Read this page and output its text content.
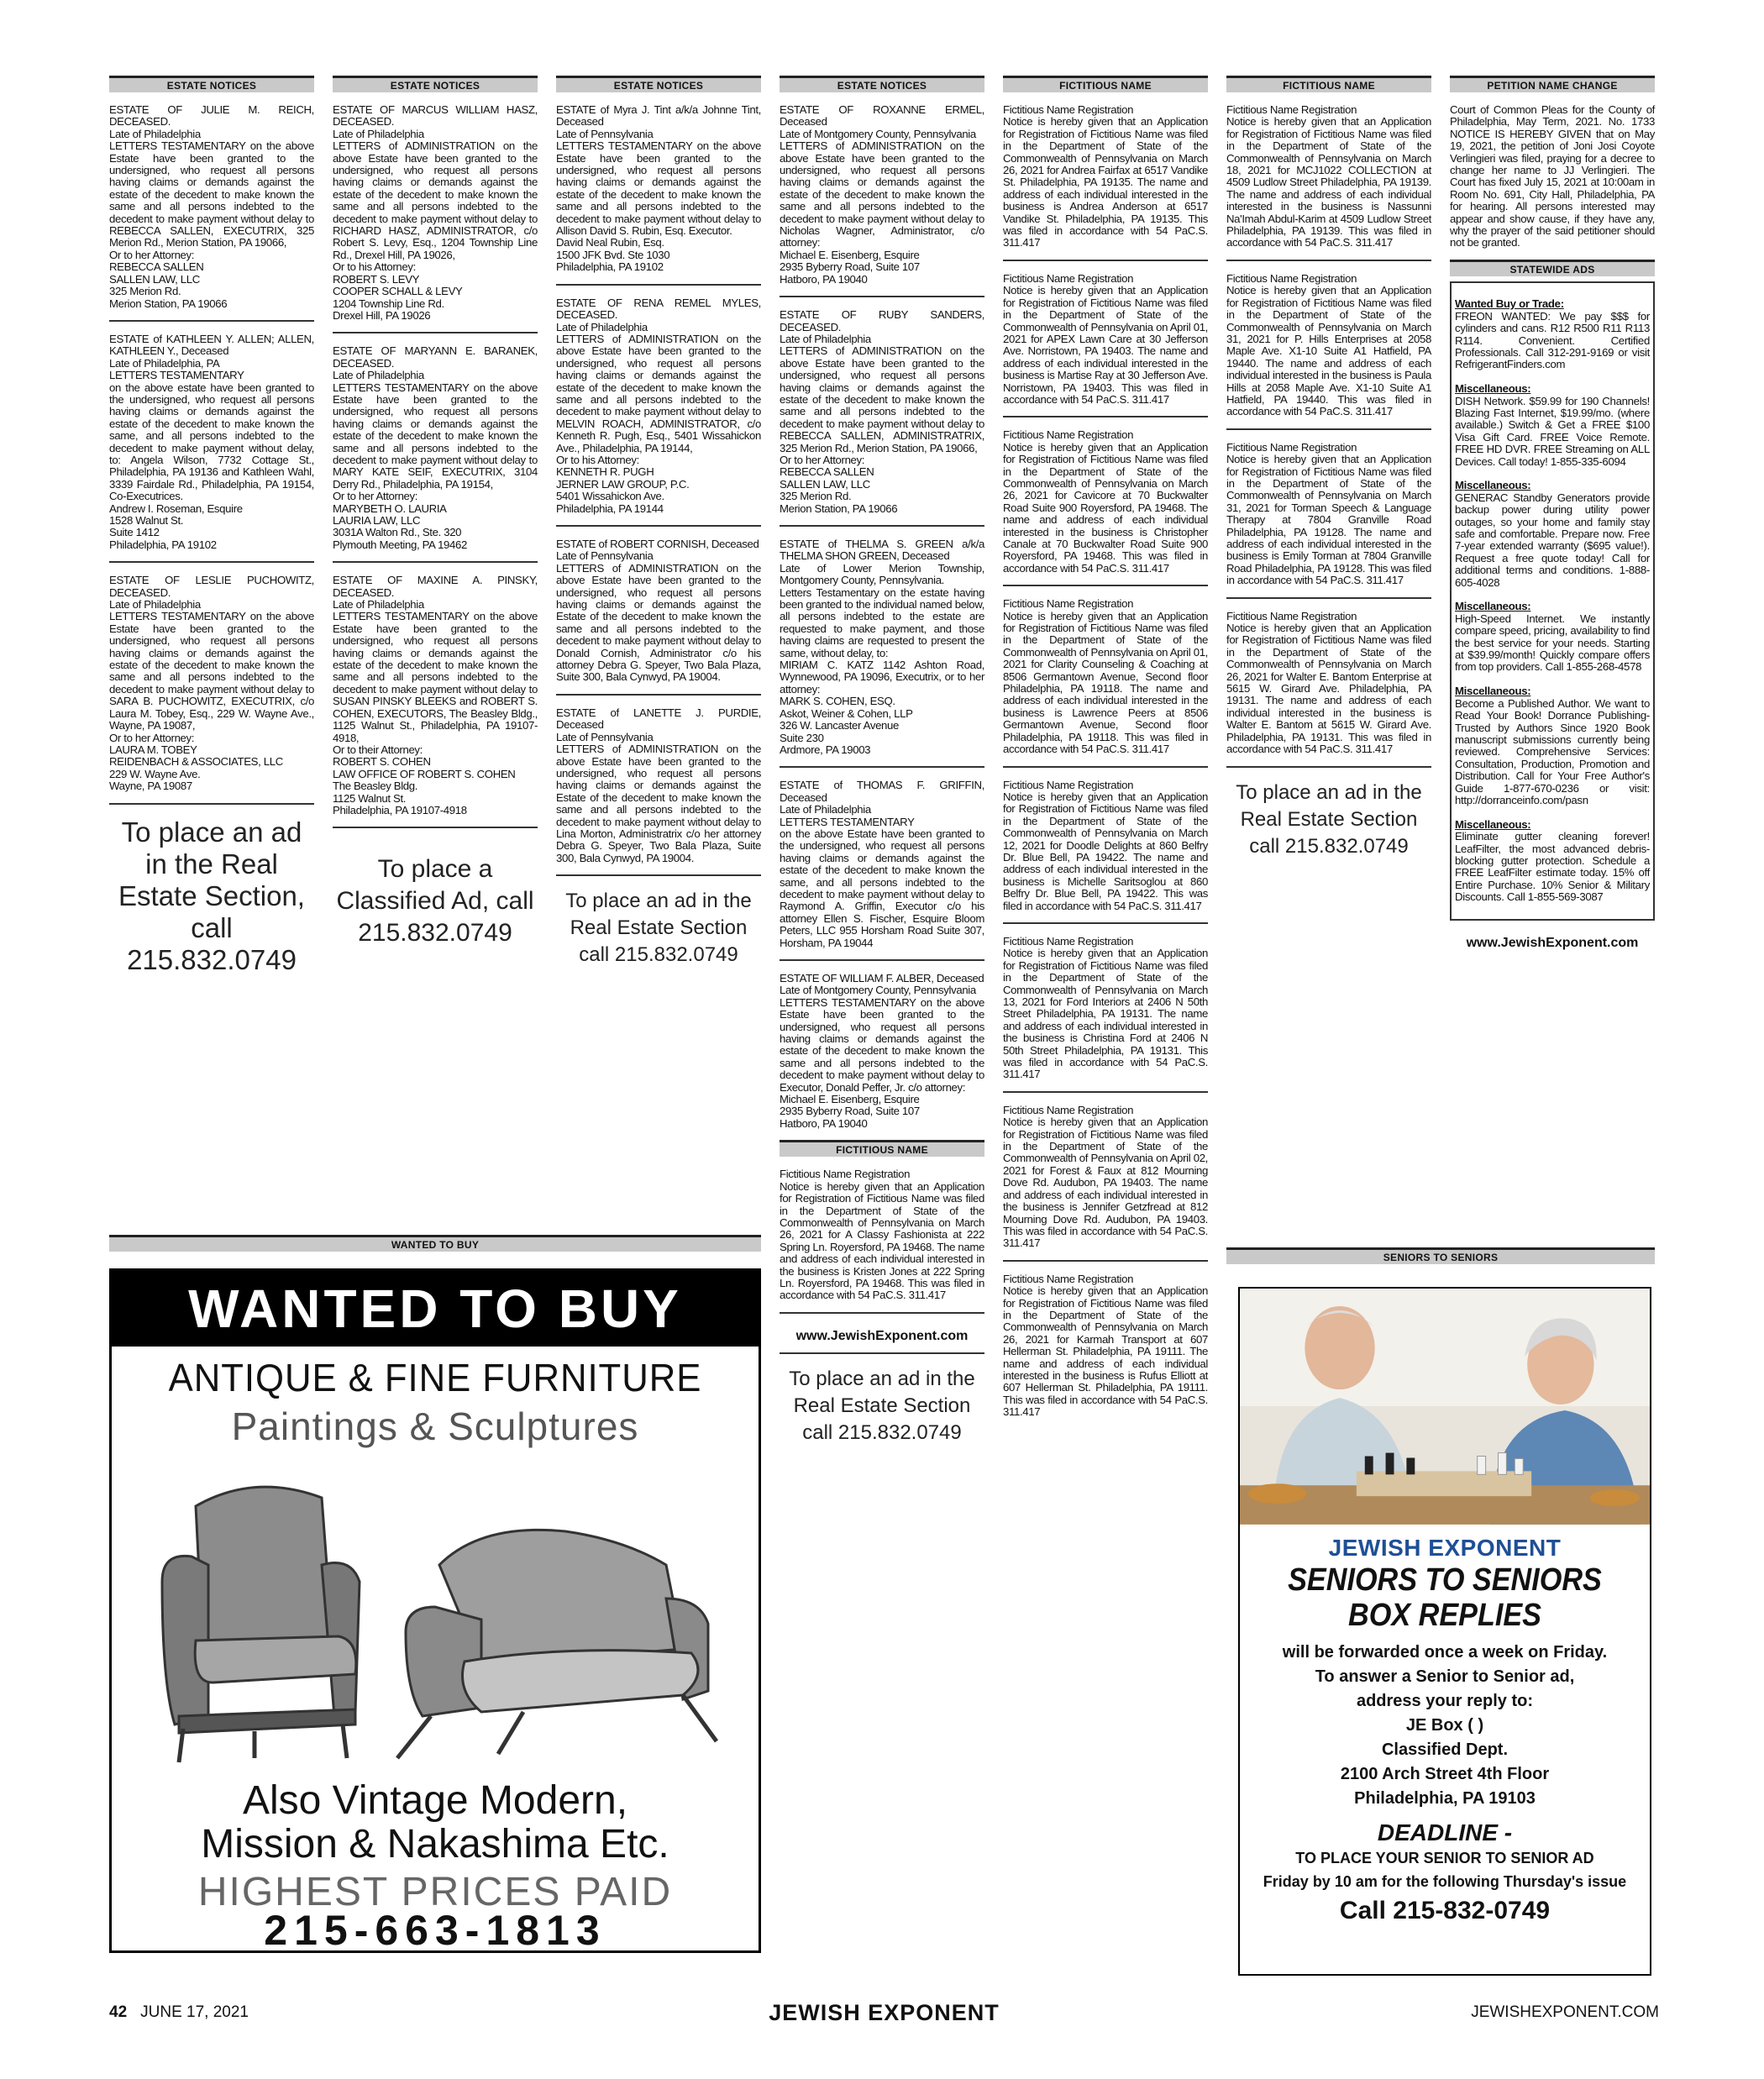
ESTATE NOTICES
ESTATE OF JULIE M. REICH, DECEASED.
Late of Philadelphia
LETTERS TESTAMENTARY on the above Estate have been granted to the undersigned, who request all persons having claims or demands against the estate of the decedent to make known the same and all persons indebted to the decedent to make payment without delay to REBECCA SALLEN, EXECUTRIX, 325 Merion Rd., Merion Station, PA 19066,
Or to her Attorney:
REBECCA SALLEN
SALLEN LAW, LLC
325 Merion Rd.
Merion Station, PA 19066
ESTATE of KATHLEEN Y. ALLEN; ALLEN, KATHLEEN Y., Deceased
Late of Philadelphia, PA
LETTERS TESTAMENTARY
on the above estate have been granted to the undersigned, who request all persons having claims or demands against the estate of the decedent to make known the same, and all persons indebted to the decedent to make payment without delay, to: Angela Wilson, 7732 Cottage St., Philadelphia, PA 19136 and Kathleen Wahl, 3339 Fairdale Rd., Philadelphia, PA 19154, Co-Executrices.
Andrew I. Roseman, Esquire
1528 Walnut St.
Suite 1412
Philadelphia, PA 19102
ESTATE OF LESLIE PUCHOWITZ, DECEASED.
Late of Philadelphia
LETTERS TESTAMENTARY on the above Estate have been granted to the undersigned, who request all persons having claims or demands against the estate of the decedent to make known the same and all persons indebted to the decedent to make payment without delay to SARA B. PUCHOWITZ, EXECUTRIX, c/o Laura M. Tobey, Esq., 229 W. Wayne Ave., Wayne, PA 19087,
Or to her Attorney:
LAURA M. TOBEY
REIDENBACH & ASSOCIATES, LLC
229 W. Wayne Ave.
Wayne, PA 19087
To place an ad in the Real Estate Section, call 215.832.0749
ESTATE NOTICES
ESTATE OF MARCUS WILLIAM HASZ, DECEASED.
Late of Philadelphia
LETTERS of ADMINISTRATION on the above Estate have been granted to the undersigned, who request all persons having claims or demands against the estate of the decedent to make known the same and all persons indebted to the decedent to make payment without delay to RICHARD HASZ, ADMINISTRATOR, c/o Robert S. Levy, Esq., 1204 Township Line Rd., Drexel Hill, PA 19026,
Or to his Attorney:
ROBERT S. LEVY
COOPER SCHALL & LEVY
1204 Township Line Rd.
Drexel Hill, PA 19026
ESTATE OF MARYANN E. BARANEK, DECEASED.
Late of Philadelphia
LETTERS TESTAMENTARY on the above Estate have been granted to the undersigned, who request all persons having claims or demands against the estate of the decedent to make known the same and all persons indebted to the decedent to make payment without delay to MARY KATE SEIF, EXECUTRIX, 3104 Derry Rd., Philadelphia, PA 19154,
Or to her Attorney:
MARYBETH O. LAURIA
LAURIA LAW, LLC
3031A Walton Rd., Ste. 320
Plymouth Meeting, PA 19462
ESTATE OF MAXINE A. PINSKY, DECEASED.
Late of Philadelphia
LETTERS TESTAMENTARY on the above Estate have been granted to the undersigned, who request all persons having claims or demands against the estate of the decedent to make known the same and all persons indebted to the decedent to make payment without delay to SUSAN PINSKY BLEEKS and ROBERT S. COHEN, EXECUTORS, The Beasley Bldg., 1125 Walnut St., Philadelphia, PA 19107-4918,
Or to their Attorney:
ROBERT S. COHEN
LAW OFFICE OF ROBERT S. COHEN
The Beasley Bldg.
1125 Walnut St.
Philadelphia, PA 19107-4918
To place a Classified Ad, call 215.832.0749
ESTATE NOTICES
ESTATE of Myra J. Tint a/k/a Johnne Tint, Deceased
Late of Pennsylvania
LETTERS TESTAMENTARY on the above Estate have been granted to the undersigned, who request all persons having claims or demands against the estate of the decedent to make known the same and all persons indebted to the decedent to make payment without delay to Allison David S. Rubin, Esq. Executor.
David Neal Rubin, Esq.
1500 JFK Bvd. Ste 1030
Philadelphia, PA 19102
ESTATE OF RENA REMEL MYLES, DECEASED.
Late of Philadelphia
LETTERS of ADMINISTRATION on the above Estate have been granted to the undersigned, who request all persons having claims or demands against the estate of the decedent to make known the same and all persons indebted to the decedent to make payment without delay to MELVIN ROACH, ADMINISTRATOR, c/o Kenneth R. Pugh, Esq., 5401 Wissahickon Ave., Philadelphia, PA 19144,
Or to his Attorney:
KENNETH R. PUGH
JERNER LAW GROUP, P.C.
5401 Wissahickon Ave.
Philadelphia, PA 19144
ESTATE of ROBERT CORNISH, Deceased
Late of Pennsylvania
LETTERS of ADMINISTRATION on the above Estate have been granted to the undersigned, who request all persons having claims or demands against the Estate of the decedent to make known the same and all persons indebted to the decedent to make payment without delay to Donald Cornish, Administrator c/o his attorney Debra G. Speyer, Two Bala Plaza, Suite 300, Bala Cynwyd, PA 19004.
ESTATE of LANETTE J. PURDIE, Deceased
Late of Pennsylvania
LETTERS of ADMINISTRATION on the above Estate have been granted to the undersigned, who request all persons having claims or demands against the Estate of the decedent to make known the same and all persons indebted to the decedent to make payment without delay to Lina Morton, Administratrix c/o her attorney Debra G. Speyer, Two Bala Plaza, Suite 300, Bala Cynwyd, PA 19004.
To place an ad in the Real Estate Section call 215.832.0749
ESTATE NOTICES
ESTATE OF ROXANNE ERMEL, Deceased
Late of Montgomery County, Pennsylvania
LETTERS of ADMINISTRATION on the above Estate have been granted to the undersigned, who request all persons having claims or demands against the estate of the decedent to make known the same and all persons indebted to the decedent to make payment without delay to Nicholas Wagner, Administrator, c/o attorney:
Michael E. Eisenberg, Esquire
2935 Byberry Road, Suite 107
Hatboro, PA 19040
ESTATE OF RUBY SANDERS, DECEASED.
Late of Philadelphia
LETTERS of ADMINISTRATION on the above Estate have been granted to the undersigned, who request all persons having claims or demands against the estate of the decedent to make known the same and all persons indebted to the decedent to make payment without delay to REBECCA SALLEN, ADMINISTRATRIX, 325 Merion Rd., Merion Station, PA 19066,
Or to her Attorney:
REBECCA SALLEN
SALLEN LAW, LLC
325 Merion Rd.
Merion Station, PA 19066
ESTATE of THELMA S. GREEN a/k/a THELMA SHON GREEN, Deceased
Late of Lower Merion Township, Montgomery County, Pennsylvania.
Letters Testamentary on the estate having been granted to the individual named below, all persons indebted to the estate are requested to make payment, and those having claims are requested to present the same, without delay, to:
MIRIAM C. KATZ 1142 Ashton Road, Wynnewood, PA 19096, Executrix, or to her attorney:
MARK S. COHEN, ESQ.
Askot, Weiner & Cohen, LLP
326 W. Lancaster Avenue
Suite 230
Ardmore, PA 19003
ESTATE of THOMAS F. GRIFFIN, Deceased
Late of Philadelphia
LETTERS TESTAMENTARY
on the above Estate have been granted to the undersigned, who request all persons having claims or demands against the estate of the decedent to make known the same, and all persons indebted to the decedent to make payment without delay to Raymond A. Griffin, Executor c/o his attorney Ellen S. Fischer, Esquire Bloom Peters, LLC 955 Horsham Road Suite 307, Horsham, PA 19044
ESTATE OF WILLIAM F. ALBER, Deceased
Late of Montgomery County, Pennsylvania
LETTERS TESTAMENTARY on the above Estate have been granted to the undersigned, who request all persons having claims or demands against the estate of the decedent to make known the same and all persons indebted to the decedent to make payment without delay to Executor, Donald Peffer, Jr. c/o attorney:
Michael E. Eisenberg, Esquire
2935 Byberry Road, Suite 107
Hatboro, PA 19040
FICTITIOUS NAME
Fictitious Name Registration
Notice is hereby given that an Application for Registration of Fictitious Name was filed in the Department of State of the Commonwealth of Pennsylvania on March 26, 2021 for A Classy Fashionista at 222 Spring Ln. Royersford, PA 19468. The name and address of each individual interested in the business is Kristen Jones at 222 Spring Ln. Royersford, PA 19468. This was filed in accordance with 54 PaC.S. 311.417
www.JewishExponent.com
To place an ad in the Real Estate Section call 215.832.0749
FICTITIOUS NAME
Fictitious Name Registration
Notice is hereby given that an Application for Registration of Fictitious Name was filed in the Department of State of the Commonwealth of Pennsylvania on March 26, 2021 for Andrea Fairfax at 6517 Vandike St. Philadelphia, PA 19135. The name and address of each individual interested in the business is Andrea Anderson at 6517 Vandike St. Philadelphia, PA 19135. This was filed in accordance with 54 PaC.S. 311.417
Fictitious Name Registration
Notice is hereby given that an Application for Registration of Fictitious Name was filed in the Department of State of the Commonwealth of Pennsylvania on April 01, 2021 for APEX Lawn Care at 30 Jefferson Ave. Norristown, PA 19403. The name and address of each individual interested in the business is Martise Ray at 30 Jefferson Ave. Norristown, PA 19403. This was filed in accordance with 54 PaC.S. 311.417
Fictitious Name Registration
Notice is hereby given that an Application for Registration of Fictitious Name was filed in the Department of State of the Commonwealth of Pennsylvania on March 26, 2021 for Cavicore at 70 Buckwalter Road Suite 900 Royersford, PA 19468. The name and address of each individual interested in the business is Christopher Canale at 70 Buckwalter Road Suite 900 Royersford, PA 19468. This was filed in accordance with 54 PaC.S. 311.417
Fictitious Name Registration
Notice is hereby given that an Application for Registration of Fictitious Name was filed in the Department of State of the Commonwealth of Pennsylvania on April 01, 2021 for Clarity Counseling & Coaching at 8506 Germantown Avenue, Second floor Philadelphia, PA 19118. The name and address of each individual interested in the business is Lawrence Peers at 8506 Germantown Avenue, Second floor Philadelphia, PA 19118. This was filed in accordance with 54 PaC.S. 311.417
Fictitious Name Registration
Notice is hereby given that an Application for Registration of Fictitious Name was filed in the Department of State of the Commonwealth of Pennsylvania on March 12, 2021 for Doodle Delights at 860 Belfry Dr. Blue Bell, PA 19422. The name and address of each individual interested in the business is Michelle Saritsoglou at 860 Belfry Dr. Blue Bell, PA 19422. This was filed in accordance with 54 PaC.S. 311.417
Fictitious Name Registration
Notice is hereby given that an Application for Registration of Fictitious Name was filed in the Department of State of the Commonwealth of Pennsylvania on March 13, 2021 for Ford Interiors at 2406 N 50th Street Philadelphia, PA 19131. The name and address of each individual interested in the business is Christina Ford at 2406 N 50th Street Philadelphia, PA 19131. This was filed in accordance with 54 PaC.S. 311.417
Fictitious Name Registration
Notice is hereby given that an Application for Registration of Fictitious Name was filed in the Department of State of the Commonwealth of Pennsylvania on April 02, 2021 for Forest & Faux at 812 Mourning Dove Rd. Audubon, PA 19403. The name and address of each individual interested in the business is Jennifer Getzfread at 812 Mourning Dove Rd. Audubon, PA 19403. This was filed in accordance with 54 PaC.S. 311.417
Fictitious Name Registration
Notice is hereby given that an Application for Registration of Fictitious Name was filed in the Department of State of the Commonwealth of Pennsylvania on March 26, 2021 for Karmah Transport at 607 Hellerman St. Philadelphia, PA 19111. The name and address of each individual interested in the business is Rufus Elliott at 607 Hellerman St. Philadelphia, PA 19111. This was filed in accordance with 54 PaC.S. 311.417
FICTITIOUS NAME
Fictitious Name Registration
Notice is hereby given that an Application for Registration of Fictitious Name was filed in the Department of State of the Commonwealth of Pennsylvania on March 18, 2021 for MCJ1022 COLLECTION at 4509 Ludlow Street Philadelphia, PA 19139. The name and address of each individual interested in the business is Nassunni Na'Imah Abdul-Karim at 4509 Ludlow Street Philadelphia, PA 19139. This was filed in accordance with 54 PaC.S. 311.417
Fictitious Name Registration
Notice is hereby given that an Application for Registration of Fictitious Name was filed in the Department of State of the Commonwealth of Pennsylvania on March 31, 2021 for P. Hills Enterprises at 2058 Maple Ave. X1-10 Suite A1 Hatfield, PA 19440. The name and address of each individual interested in the business is Paula Hills at 2058 Maple Ave. X1-10 Suite A1 Hatfield, PA 19440. This was filed in accordance with 54 PaC.S. 311.417
Fictitious Name Registration
Notice is hereby given that an Application for Registration of Fictitious Name was filed in the Department of State of the Commonwealth of Pennsylvania on March 31, 2021 for Torman Speech & Language Therapy at 7804 Granville Road Philadelphia, PA 19128. The name and address of each individual interested in the business is Emily Torman at 7804 Granville Road Philadelphia, PA 19128. This was filed in accordance with 54 PaC.S. 311.417
Fictitious Name Registration
Notice is hereby given that an Application for Registration of Fictitious Name was filed in the Department of State of the Commonwealth of Pennsylvania on March 26, 2021 for Walter E. Bantom Enterprise at 5615 W. Girard Ave. Philadelphia, PA 19131. The name and address of each individual interested in the business is Walter E. Bantom at 5615 W. Girard Ave. Philadelphia, PA 19131. This was filed in accordance with 54 PaC.S. 311.417
To place an ad in the Real Estate Section call 215.832.0749
PETITION NAME CHANGE
Court of Common Pleas for the County of Philadelphia, May Term, 2021. No. 1733 NOTICE IS HEREBY GIVEN that on May 19, 2021, the petition of Joni Josi Coyote Verlingieri was filed, praying for a decree to change her name to JJ Verlingieri. The Court has fixed July 15, 2021 at 10:00am in Room No. 691, City Hall, Philadelphia, PA for hearing. All persons interested may appear and show cause, if they have any, why the prayer of the said petitioner should not be granted.
STATEWIDE ADS

Wanted Buy or Trade:
FREON WANTED: We pay $$$ for cylinders and cans. R12 R500 R11 R113 R114. Convenient. Certified Professionals. Call 312-291-9169 or visit RefrigerantFinders.com

Miscellaneous:
DISH Network. $59.99 for 190 Channels! Blazing Fast Internet, $19.99/mo. (where available.) Switch & Get a FREE $100 Visa Gift Card. FREE Voice Remote. FREE HD DVR. FREE Streaming on ALL Devices. Call today! 1-855-335-6094

Miscellaneous:
GENERAC Standby Generators provide backup power during utility power outages, so your home and family stay safe and comfortable. Prepare now. Free 7-year extended warranty ($695 value!). Request a free quote today! Call for additional terms and conditions. 1-888-605-4028

Miscellaneous:
High-Speed Internet. We instantly compare speed, pricing, availability to find the best service for your needs. Starting at $39.99/month! Quickly compare offers from top providers. Call 1-855-268-4578

Miscellaneous:
Become a Published Author. We want to Read Your Book! Dorrance Publishing-Trusted by Authors Since 1920 Book manuscript submissions currently being reviewed. Comprehensive Services: Consultation, Production, Promotion and Distribution. Call for Your Free Author's Guide 1-877-670-0236 or visit: http://dorranceinfo.com/pasn

Miscellaneous:
Eliminate gutter cleaning forever! LeafFilter, the most advanced debris-blocking gutter protection. Schedule a FREE LeafFilter estimate today. 15% off Entire Purchase. 10% Senior & Military Discounts. Call 1-855-569-3087

www.JewishExponent.com
WANTED TO BUY
WANTED TO BUY
ANTIQUE & FINE FURNITURE
Paintings & Sculptures
Also Vintage Modern,
Mission & Nakashima Etc.
HIGHEST PRICES PAID
215-663-1813
SENIORS TO SENIORS
JEWISH EXPONENT
SENIORS TO SENIORS
BOX REPLIES
will be forwarded once a week on Friday.
To answer a Senior to Senior ad,
address your reply to:
JE Box ( )
Classified Dept.
2100 Arch Street 4th Floor
Philadelphia, PA 19103
DEADLINE -
TO PLACE YOUR SENIOR TO SENIOR AD
Friday by 10 am for the following Thursday's issue
Call 215-832-0749
42 JUNE 17, 2021	JEWISH EXPONENT	JEWISHEXPONENT.COM
